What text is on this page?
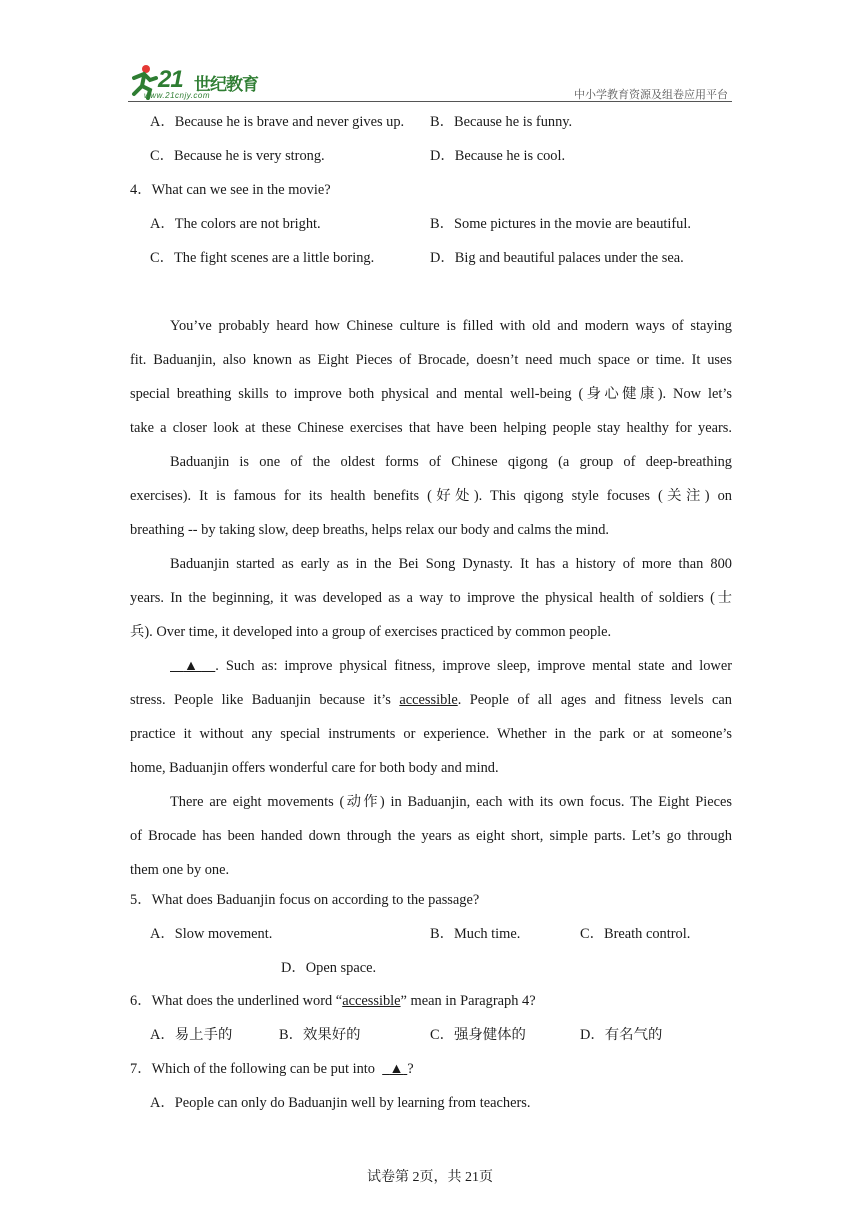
21 世纪教育
www.21cnjy.com	中小学教育资源及组卷应用平台
A．Because he is brave and never gives up. B．Because he is funny.
C．Because he is very strong.	D．Because he is cool.
4．What can we see in the movie?
A．The colors are not bright.	B．Some pictures in the movie are beautiful.
C．The fight scenes are a little boring.	D．Big and beautiful palaces under the sea.
You’ve probably heard how Chinese culture is filled with old and modern ways of staying
fit. Baduanjin, also known as Eight Pieces of Brocade, doesn’t need much space or time. It uses
special breathing skills to improve both physical and mental well-being (身心健康). Now let’s
take a closer look at these Chinese exercises that have been helping people stay healthy for years.
Baduanjin is one of the oldest forms of Chinese qigong (a group of deep-breathing
exercises). It is famous for its health benefits (好处). This qigong style focuses (关注) on
breathing -- by taking slow, deep breaths, helps relax our body and calms the mind.
Baduanjin started as early as in the Bei Song Dynasty. It has a history of more than 800
years. In the beginning, it was developed as a way to improve the physical health of soldiers (士
兵). Over time, it developed into a group of exercises practiced by common people.
▲ . Such as: improve physical fitness, improve sleep, improve mental state and lower
stress. People like Baduanjin because it’s accessible. People of all ages and fitness levels can
practice it without any special instruments or experience. Whether in the park or at someone’s
home, Baduanjin offers wonderful care for both body and mind.
There are eight movements (动作) in Baduanjin, each with its own focus. The Eight Pieces
of Brocade has been handed down through the years as eight short, simple parts. Let’s go through
them one by one.
5．What does Baduanjin focus on according to the passage?
A．Slow movement.	B．Much time.	C．Breath control.
D．Open space.
6．What does the underlined word “accessible” mean in Paragraph 4?
A．易上手的	B．效果好的	C．强身健体的	D．有名气的
7．Which of the following can be put into    ▲ ?
A．People can only do Baduanjin well by learning from teachers.
试卷第 2页，共 21页
